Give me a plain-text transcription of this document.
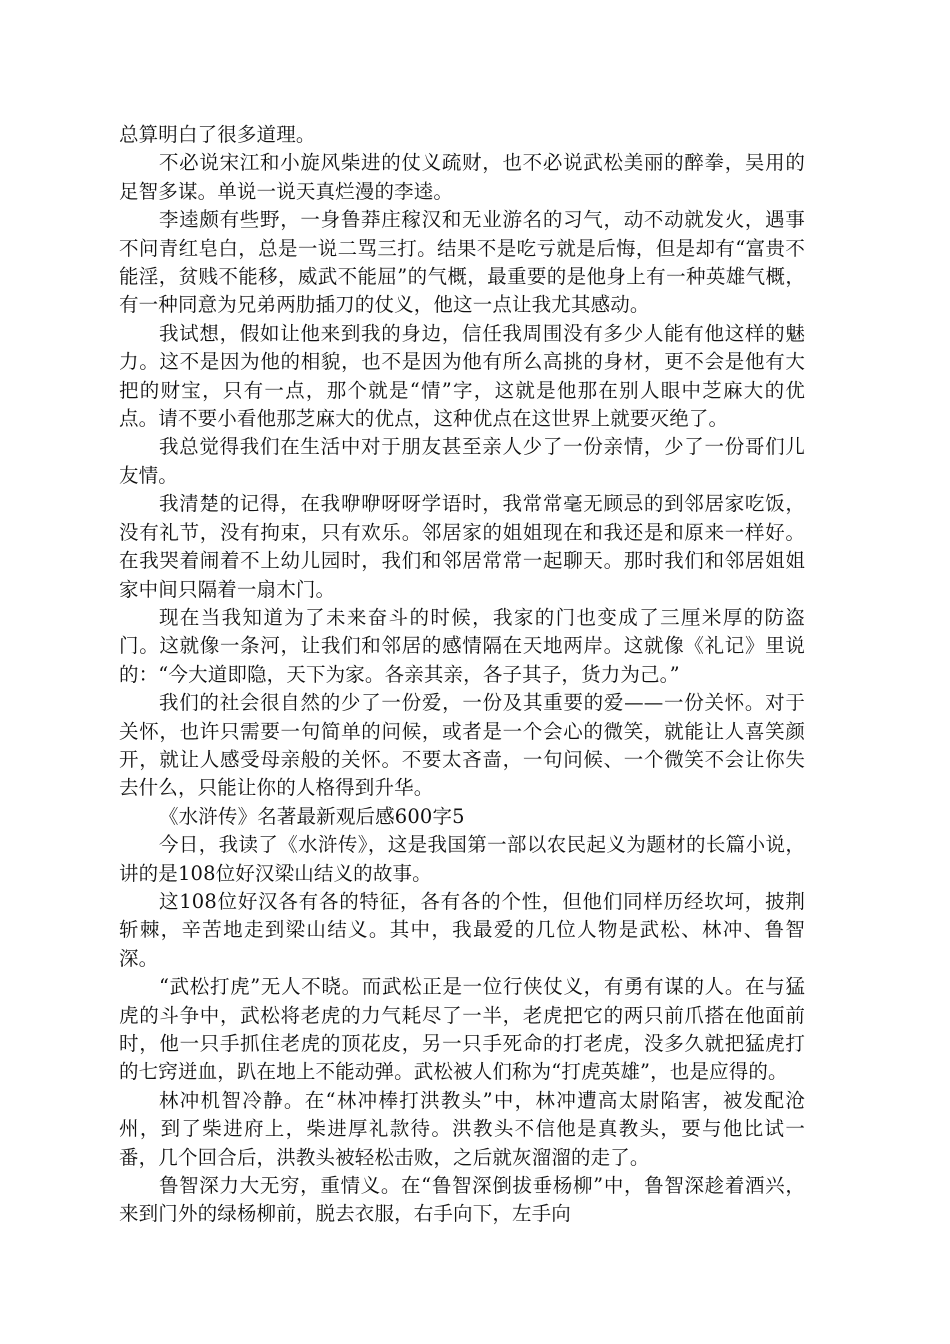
总算明白了很多道理。

不必说宋江和小旋风柴进的仗义疏财，也不必说武松美丽的醉拳，吴用的足智多谋。单说一说天真烂漫的李逵。

李逵颇有些野，一身鲁莽庄稼汉和无业游名的习气，动不动就发火，遇事不问青红皂白，总是一说二骂三打。结果不是吃亏就是后悔，但是却有“富贵不能淫，贫贱不能移，威武不能屈”的气概，最重要的是他身上有一种英雄气概，有一种同意为兄弟两肋插刀的仗义，他这一点让我尤其感动。

我试想，假如让他来到我的身边，信任我周围没有多少人能有他这样的魅力。这不是因为他的相貌，也不是因为他有所么高挑的身材，更不会是他有大把的财宝，只有一点，那个就是“情”字，这就是他那在别人眼中芝麻大的优点。请不要小看他那芝麻大的优点，这种优点在这世界上就要灭绝了。

我总觉得我们在生活中对于朋友甚至亲人少了一份亲情，少了一份哥们儿友情。

我清楚的记得，在我咿咿呀呀学语时，我常常毫无顾忌的到邻居家吃饭，没有礼节，没有拘束，只有欢乐。邻居家的姐姐现在和我还是和原来一样好。在我哭着闹着不上幼儿园时，我们和邻居常常一起聊天。那时我们和邻居姐姐家中间只隔着一扇木门。

现在当我知道为了未来奋斗的时候，我家的门也变成了三厘米厚的防盗门。这就像一条河，让我们和邻居的感情隔在天地两岸。这就像《礼记》里说的：“今大道即隐，天下为家。各亲其亲，各子其子，货力为己。”

我们的社会很自然的少了一份爱，一份及其重要的爱——一份关怀。对于关怀，也许只需要一句简单的问候，或者是一个会心的微笑，就能让人喜笑颜开，就让人感受母亲般的关怀。不要太吝啬，一句问候、一个微笑不会让你失去什么，只能让你的人格得到升华。

《水浒传》名著最新观后感600字5

今日，我读了《水浒传》，这是我国第一部以农民起义为题材的长篇小说，讲的是108位好汉梁山结义的故事。

这108位好汉各有各的特征，各有各的个性，但他们同样历经坎坷，披荆斩棘，辛苦地走到梁山结义。其中，我最爱的几位人物是武松、林冲、鲁智深。

“武松打虎”无人不晓。而武松正是一位行侠仗义，有勇有谋的人。在与猛虎的斗争中，武松将老虎的力气耗尽了一半，老虎把它的两只前爪搭在他面前时，他一只手抓住老虎的顶花皮，另一只手死命的打老虎，没多久就把猛虎打的七窍迸血，趴在地上不能动弹。武松被人们称为“打虎英雄”，也是应得的。

林冲机智冷静。在“林冲棒打洪教头”中，林冲遭高太尉陷害，被发配沧州，到了柴进府上，柴进厚礼款待。洪教头不信他是真教头，要与他比试一番，几个回合后，洪教头被轻松击败，之后就灰溜溜的走了。

鲁智深力大无穷，重情义。在“鲁智深倒拔垂杨柳”中，鲁智深趁着酒兴，来到门外的绿杨柳前，脱去衣服，右手向下，左手向
